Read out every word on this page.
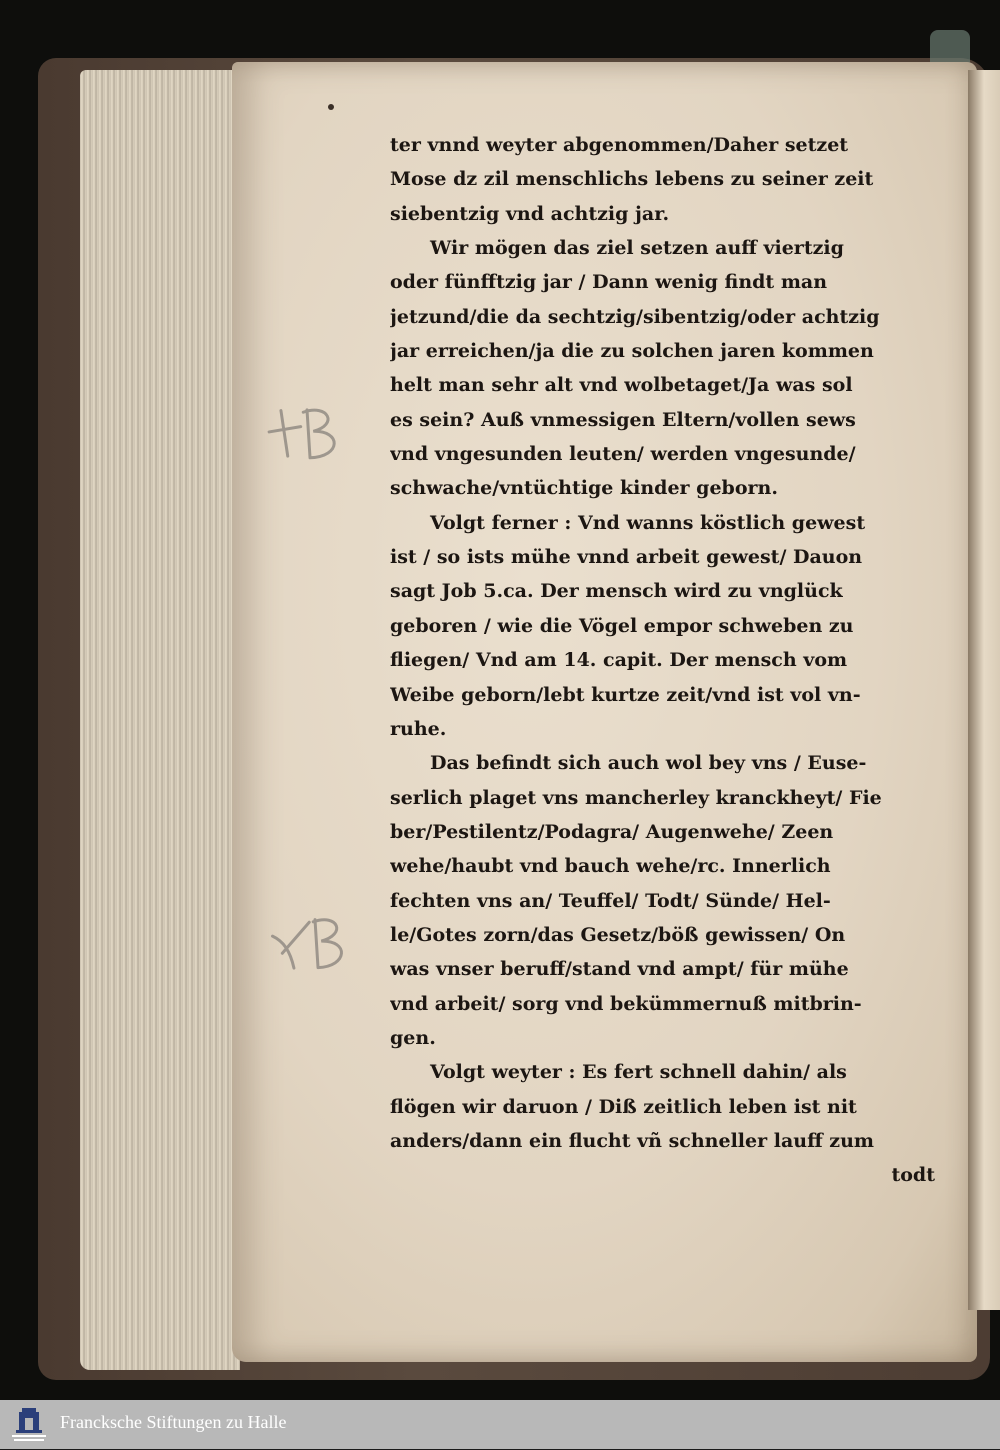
ter vnnd weyter abgenommen/Daher setzet
Mose dz zil menschlichs lebens zu seiner zeit
siebentzig vnd achtzig jar.
Wir mögen das ziel setzen auff viertzig
oder fünfftzig jar / Dann wenig findt man
jetzund/die da sechtzig/sibentzig/oder achtzig
jar erreichen/ja die zu solchen jaren kommen
helt man sehr alt vnd wolbetaget/Ja was sol
es sein? Auß vnmessigen Eltern/vollen sews
vnd vngesunden leuten/ werden vngesunde/
schwache/vntüchtige kinder geborn.
Volgt ferner : Vnd wanns köstlich gewest
ist / so ists mühe vnnd arbeit gewest/ Dauon
sagt Job 5.ca. Der mensch wird zu vnglück
geboren / wie die Vögel empor schweben zu
fliegen/ Vnd am 14. capit. Der mensch vom
Weibe geborn/lebt kurtze zeit/vnd ist vol vn-
ruhe.
Das befindt sich auch wol bey vns / Euse-
serlich plaget vns mancherley kranckheyt/ Fie
ber/Pestilentz/Podagra/ Augenwehe/ Zeen
wehe/haubt vnd bauch wehe/rc. Innerlich
fechten vns an/ Teuffel/ Todt/ Sünde/ Hel-
le/Gotes zorn/das Gesetz/böß gewissen/ On
was vnser beruff/stand vnd ampt/ für mühe
vnd arbeit/ sorg vnd bekümmernuß mitbrin-
gen.
Volgt weyter : Es fert schnell dahin/ als
flögen wir daruon / Diß zeitlich leben ist nit
anders/dann ein flucht vñ schneller lauff zum
todt
Francksche Stiftungen zu Halle
